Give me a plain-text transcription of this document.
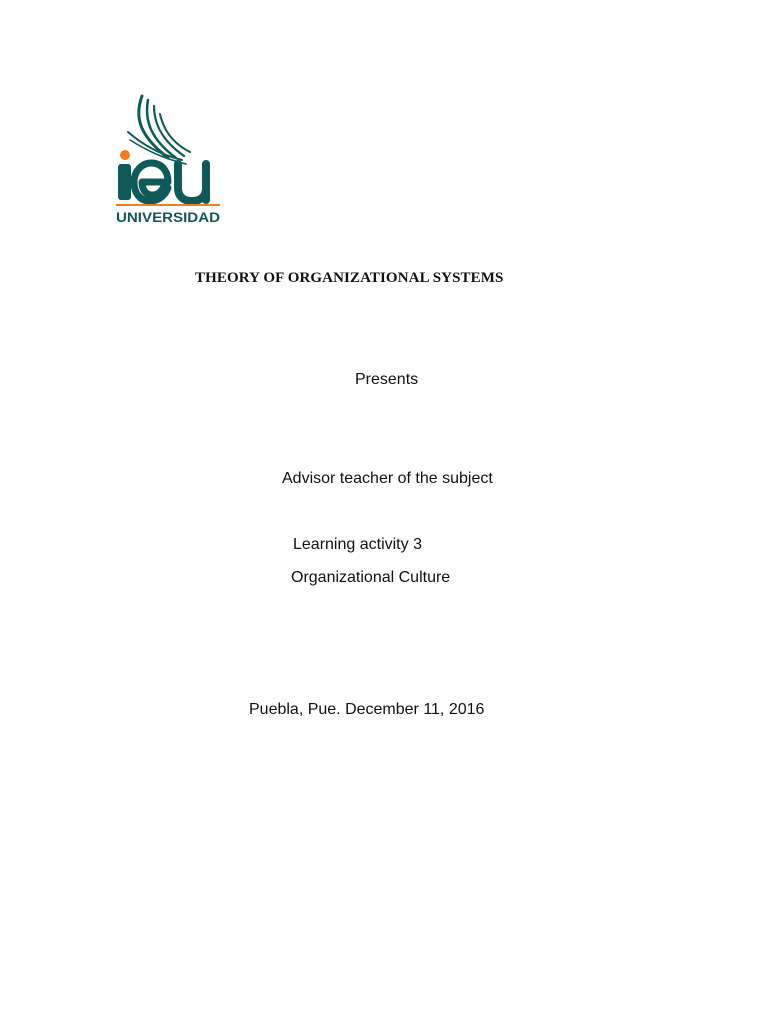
UNIVERSIDAD
THEORY OF ORGANIZATIONAL SYSTEMS
Presents
Advisor teacher of the subject
Learning activity 3
Organizational Culture
Puebla, Pue. December 11, 2016
